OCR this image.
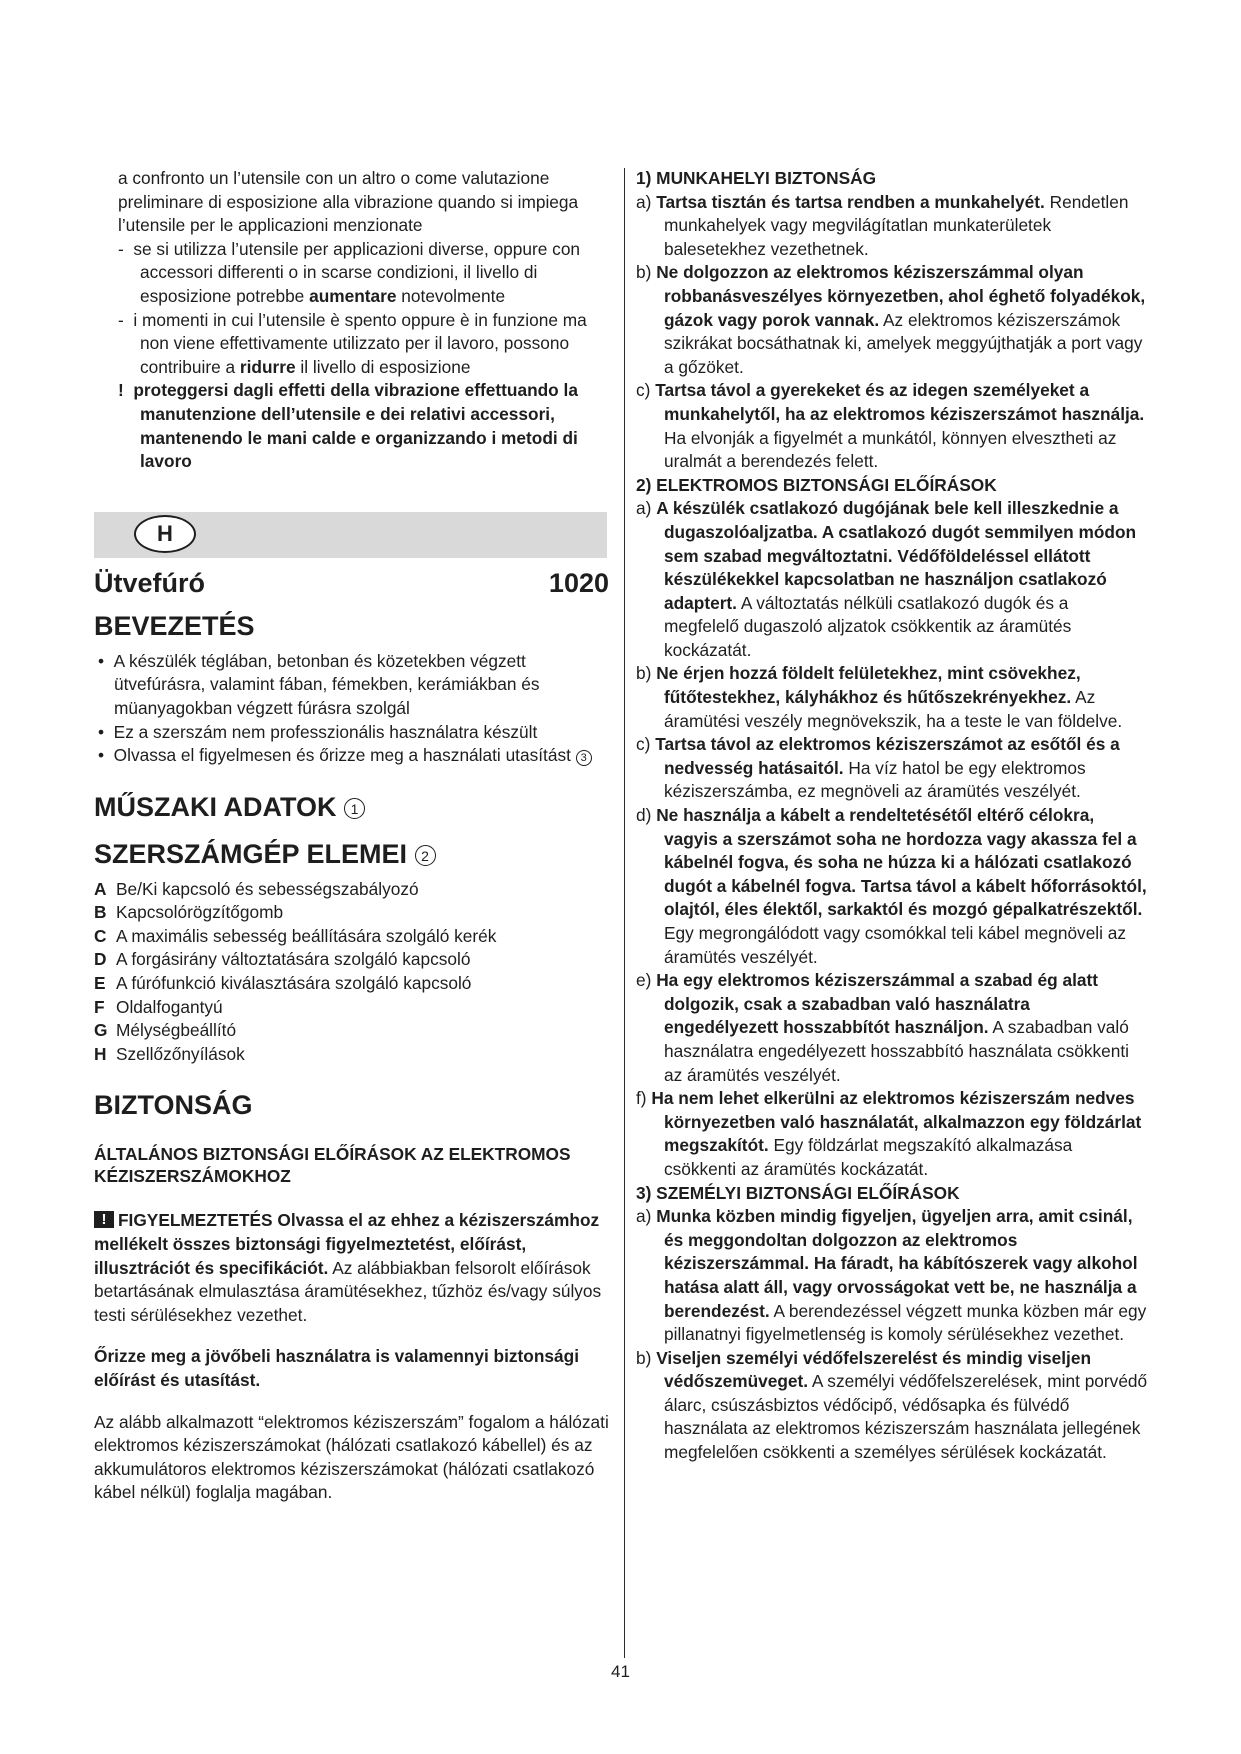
a confronto un l’utensile con un altro o come valutazione preliminare di esposizione alla vibrazione quando si impiega l’utensile per le applicazioni menzionate

- se si utilizza l’utensile per applicazioni diverse, oppure con accessori differenti o in scarse condizioni, il livello di esposizione potrebbe aumentare notevolmente

- i momenti in cui l’utensile è spento oppure è in funzione ma non viene effettivamente utilizzato per il lavoro, possono contribuire a ridurre il livello di esposizione

! proteggersi dagli effetti della vibrazione effettuando la manutenzione dell’utensile e dei relativi accessori, mantenendo le mani calde e organizzando i metodi di lavoro

H
Ütvefúró	1020
BEVEZETÉS

• A készülék téglában, betonban és közetekben végzett ütvefúrásra, valamint fában, fémekben, kerámiákban és müanyagokban végzett fúrásra szolgál

• Ez a szerszám nem professzionális használatra készült

• Olvassa el figyelmesen és őrizze meg a használati utasítást 3

MŰSZAKI ADATOK 1
SZERSZÁMGÉP ELEMEI 2
A Be/Ki kapcsoló és sebességszabályozó
B Kapcsolórögzítőgomb
C A maximális sebesség beállítására szolgáló kerék
D A forgásirány változtatására szolgáló kapcsoló
E A fúrófunkció kiválasztására szolgáló kapcsoló
F Oldalfogantyú
G Mélységbeállító
H Szellőzőnyílások
BIZTONSÁG

ÁLTALÁNOS BIZTONSÁGI ELŐÍRÁSOK AZ ELEKTROMOS KÉZISZERSZÁMOKHOZ

!FIGYELMEZTETÉS Olvassa el az ehhez a kéziszerszámhoz mellékelt összes biztonsági figyelmeztetést, előírást, illusztrációt és specifikációt. Az alábbiakban felsorolt előírások betartásának elmulasztása áramütésekhez, tűzhöz és/vagy súlyos testi sérülésekhez vezethet.

Őrizze meg a jövőbeli használatra is valamennyi biztonsági előírást és utasítást.

Az alább alkalmazott “elektromos kéziszerszám” fogalom a hálózati elektromos kéziszerszámokat (hálózati csatlakozó kábellel) és az akkumulátoros elektromos kéziszerszámokat (hálózati csatlakozó kábel nélkül) foglalja magában.

1) MUNKAHELYI BIZTONSÁG

a) Tartsa tisztán és tartsa rendben a munkahelyét. Rendetlen munkahelyek vagy megvilágítatlan munkaterületek balesetekhez vezethetnek.

b) Ne dolgozzon az elektromos kéziszerszámmal olyan robbanásveszélyes környezetben, ahol éghető folyadékok, gázok vagy porok vannak. Az elektromos kéziszerszámok szikrákat bocsáthatnak ki, amelyek meggyújthatják a port vagy a gőzöket.

c) Tartsa távol a gyerekeket és az idegen személyeket a munkahelytől, ha az elektromos kéziszerszámot használja. Ha elvonják a figyelmét a munkától, könnyen elvesztheti az uralmát a berendezés felett.

2) ELEKTROMOS BIZTONSÁGI ELŐÍRÁSOK

a) A készülék csatlakozó dugójának bele kell illeszkednie a dugaszolóaljzatba. A csatlakozó dugót semmilyen módon sem szabad megváltoztatni. Védőföldeléssel ellátott készülékekkel kapcsolatban ne használjon csatlakozó adaptert. A változtatás nélküli csatlakozó dugók és a megfelelő dugaszoló aljzatok csökkentik az áramütés kockázatát.

b) Ne érjen hozzá földelt felületekhez, mint csövekhez, fűtőtestekhez, kályhákhoz és hűtőszekrényekhez. Az áramütési veszély megnövekszik, ha a teste le van földelve.

c) Tartsa távol az elektromos kéziszerszámot az esőtől és a nedvesség hatásaitól. Ha víz hatol be egy elektromos kéziszerszámba, ez megnöveli az áramütés veszélyét.

d) Ne használja a kábelt a rendeltetésétől eltérő célokra, vagyis a szerszámot soha ne hordozza vagy akassza fel a kábelnél fogva, és soha ne húzza ki a hálózati csatlakozó dugót a kábelnél fogva. Tartsa távol a kábelt hőforrásoktól, olajtól, éles élektől, sarkaktól és mozgó gépalkatrészektől. Egy megrongálódott vagy csomókkal teli kábel megnöveli az áramütés veszélyét.

e) Ha egy elektromos kéziszerszámmal a szabad ég alatt dolgozik, csak a szabadban való használatra engedélyezett hosszabbítót használjon. A szabadban való használatra engedélyezett hosszabbító használata csökkenti az áramütés veszélyét.

f) Ha nem lehet elkerülni az elektromos kéziszerszám nedves környezetben való használatát, alkalmazzon egy földzárlat megszakítót. Egy földzárlat megszakító alkalmazása csökkenti az áramütés kockázatát.

3) SZEMÉLYI BIZTONSÁGI ELŐÍRÁSOK

a) Munka közben mindig figyeljen, ügyeljen arra, amit csinál, és meggondoltan dolgozzon az elektromos kéziszerszámmal. Ha fáradt, ha kábítószerek vagy alkohol hatása alatt áll, vagy orvosságokat vett be, ne használja a berendezést. A berendezéssel végzett munka közben már egy pillanatnyi figyelmetlenség is komoly sérülésekhez vezethet.

b) Viseljen személyi védőfelszerelést és mindig viseljen védőszemüveget. A személyi védőfelszerelések, mint porvédő álarc, csúszásbiztos védőcipő, védősapka és fülvédő használata az elektromos kéziszerszám használata jellegének megfelelően csökkenti a személyes sérülések kockázatát.

41
